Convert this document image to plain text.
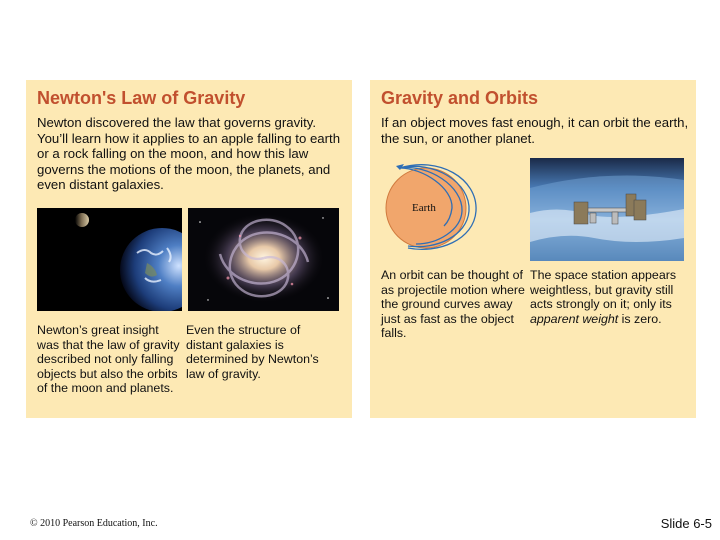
Newton's Law of Gravity
Newton discovered the law that governs gravity. You’ll learn how it applies to an apple falling to earth or a rock falling on the moon, and how this law governs the motions of the moon, the planets, and even distant galaxies.
Newton’s great insight was that the law of gravity described not only falling objects but also the orbits of the moon and planets.
Even the structure of distant galaxies is determined by Newton’s law of gravity.
Gravity and Orbits
If an object moves fast enough, it can orbit the earth, the sun, or another planet.
Earth
An orbit can be thought of as projectile motion where the ground curves away just as fast as the object falls.
The space station appears weightless, but gravity still acts strongly on it; only its apparent weight is zero.
© 2010 Pearson Education, Inc.	Slide 6-5
